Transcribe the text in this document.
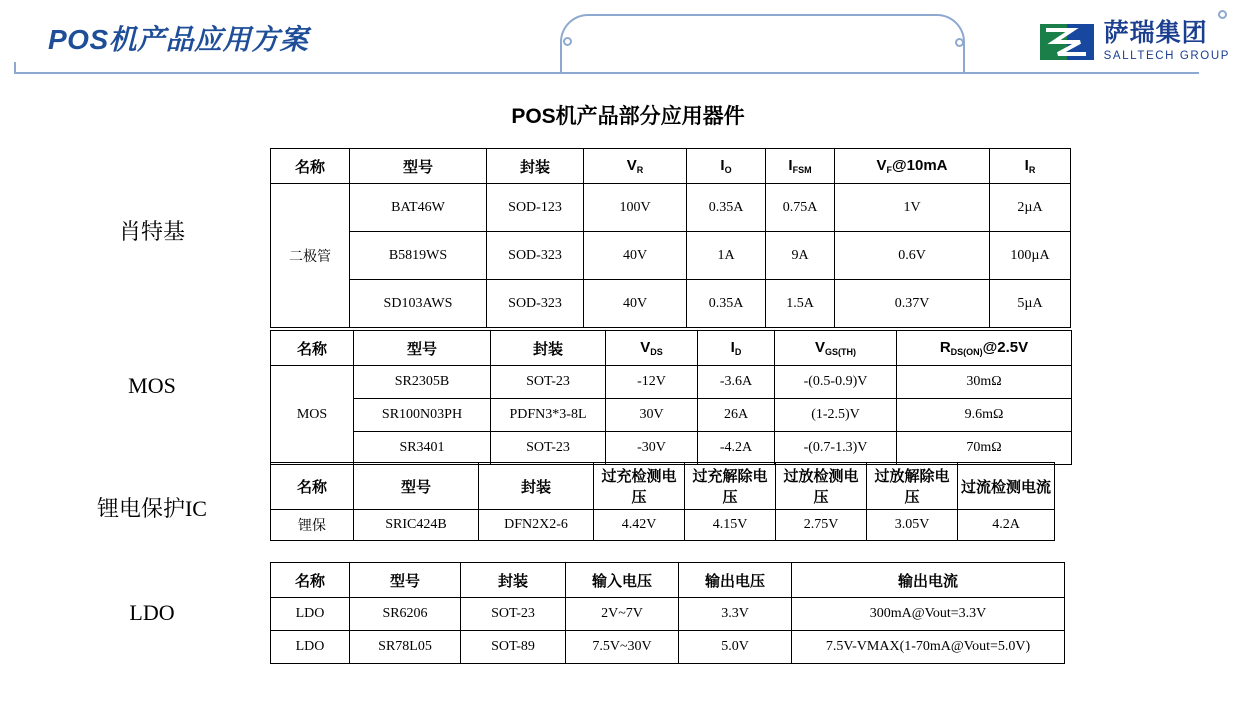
POS机产品应用方案	萨瑞集团
SALLTECH GROUP
POS机产品部分应用器件
肖特基
MOS
锂电保护IC
LDO
名称	型号	封装	$V_R$	$I_O$	$I_{FSM}$	$V_F@10mA$	$I_R$
二极管	BAT46W	SOD-123	100V	0.35A	0.75A	1V	2µA
	B5819WS	SOD-323	40V	1A	9A	0.6V	100µA
	SD103AWS	SOD-323	40V	0.35A	1.5A	0.37V	5µA
名称	型号	封装	$V_{DS}$	$I_D$	$V_{GS(TH)}$	$R_{DS(ON)}@2.5V$
MOS	SR2305B	SOT-23	-12V	-3.6A	-(0.5-0.9)V	30mΩ
	SR100N03PH	PDFN3*3-8L	30V	26A	(1-2.5)V	9.6mΩ
	SR3401	SOT-23	-30V	-4.2A	-(0.7-1.3)V	70mΩ
名称	型号	封装	过充检测电压	过充解除电压	过放检测电压	过放解除电压	过流检测电流
锂保	SRIC424B	DFN2X2-6	4.42V	4.15V	2.75V	3.05V	4.2A
名称	型号	封装	输入电压	输出电压	输出电流
LDO	SR6206	SOT-23	2V~7V	3.3V	300mA@Vout=3.3V
LDO	SR78L05	SOT-89	7.5V~30V	5.0V	7.5V-VMAX(1-70mA@Vout=5.0V)
